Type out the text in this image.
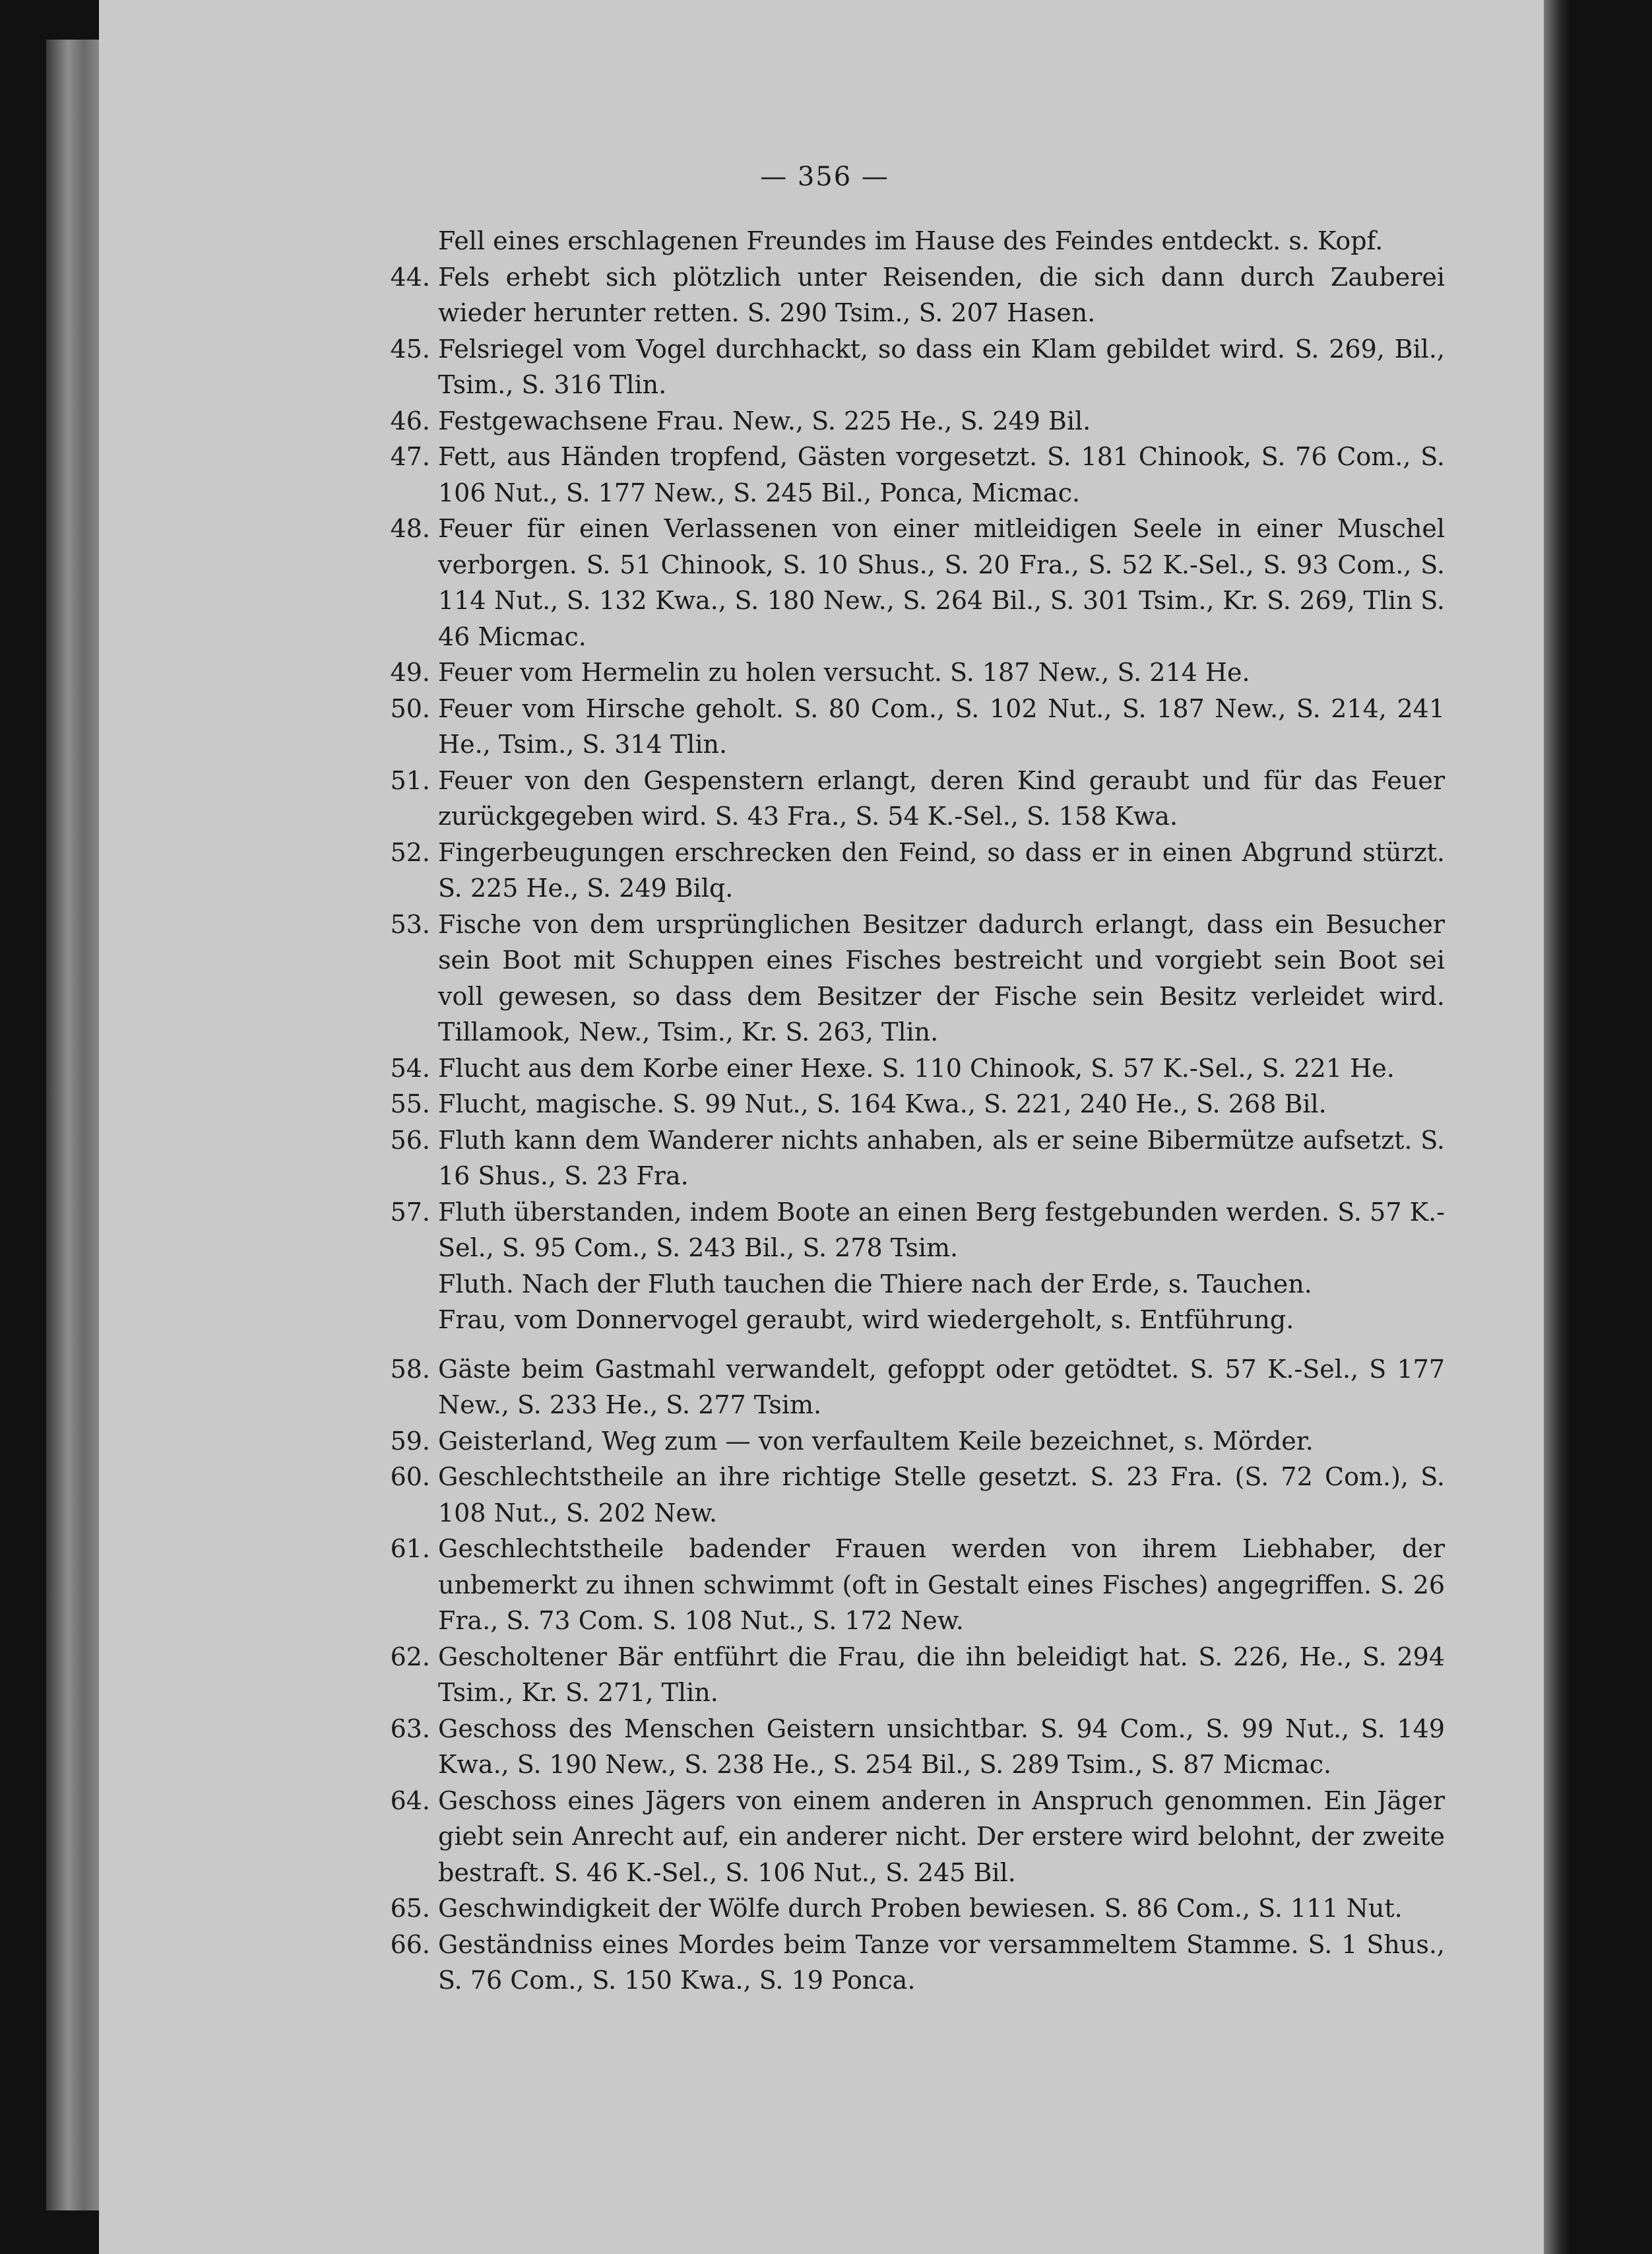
— 356 —
Fell eines erschlagenen Freundes im Hause des Feindes entdeckt. s. Kopf.
44. Fels erhebt sich plötzlich unter Reisenden, die sich dann durch Zauberei wieder herunter retten. S. 290 Tsim., S. 207 Hasen.
45. Felsriegel vom Vogel durchhackt, so dass ein Klam gebildet wird. S. 269, Bil., Tsim., S. 316 Tlin.
46. Festgewachsene Frau. New., S. 225 He., S. 249 Bil.
47. Fett, aus Händen tropfend, Gästen vorgesetzt. S. 181 Chinook, S. 76 Com., S. 106 Nut., S. 177 New., S. 245 Bil., Ponca, Micmac.
48. Feuer für einen Verlassenen von einer mitleidigen Seele in einer Muschel verborgen. S. 51 Chinook, S. 10 Shus., S. 20 Fra., S. 52 K.-Sel., S. 93 Com., S. 114 Nut., S. 132 Kwa., S. 180 New., S. 264 Bil., S. 301 Tsim., Kr. S. 269, Tlin S. 46 Micmac.
49. Feuer vom Hermelin zu holen versucht. S. 187 New., S. 214 He.
50. Feuer vom Hirsche geholt. S. 80 Com., S. 102 Nut., S. 187 New., S. 214, 241 He., Tsim., S. 314 Tlin.
51. Feuer von den Gespenstern erlangt, deren Kind geraubt und für das Feuer zurückgegeben wird. S. 43 Fra., S. 54 K.-Sel., S. 158 Kwa.
52. Fingerbeugungen erschrecken den Feind, so dass er in einen Abgrund stürzt. S. 225 He., S. 249 Bilq.
53. Fische von dem ursprünglichen Besitzer dadurch erlangt, dass ein Besucher sein Boot mit Schuppen eines Fisches bestreicht und vorgiebt sein Boot sei voll gewesen, so dass dem Besitzer der Fische sein Besitz verleidet wird. Tillamook, New., Tsim., Kr. S. 263, Tlin.
54. Flucht aus dem Korbe einer Hexe. S. 110 Chinook, S. 57 K.-Sel., S. 221 He.
55. Flucht, magische. S. 99 Nut., S. 164 Kwa., S. 221, 240 He., S. 268 Bil.
56. Fluth kann dem Wanderer nichts anhaben, als er seine Bibermütze aufsetzt. S. 16 Shus., S. 23 Fra.
57. Fluth überstanden, indem Boote an einen Berg festgebunden werden. S. 57 K.-Sel., S. 95 Com., S. 243 Bil., S. 278 Tsim.
Fluth. Nach der Fluth tauchen die Thiere nach der Erde, s. Tauchen.
Frau, vom Donnervogel geraubt, wird wiedergeholt, s. Entführung.
58. Gäste beim Gastmahl verwandelt, gefoppt oder getödtet. S. 57 K.-Sel., S 177 New., S. 233 He., S. 277 Tsim.
59. Geisterland, Weg zum — von verfaultem Keile bezeichnet, s. Mörder.
60. Geschlechtstheile an ihre richtige Stelle gesetzt. S. 23 Fra. (S. 72 Com.), S. 108 Nut., S. 202 New.
61. Geschlechtstheile badender Frauen werden von ihrem Liebhaber, der unbemerkt zu ihnen schwimmt (oft in Gestalt eines Fisches) angegriffen. S. 26 Fra., S. 73 Com. S. 108 Nut., S. 172 New.
62. Gescholtener Bär entführt die Frau, die ihn beleidigt hat. S. 226, He., S. 294 Tsim., Kr. S. 271, Tlin.
63. Geschoss des Menschen Geistern unsichtbar. S. 94 Com., S. 99 Nut., S. 149 Kwa., S. 190 New., S. 238 He., S. 254 Bil., S. 289 Tsim., S. 87 Micmac.
64. Geschoss eines Jägers von einem anderen in Anspruch genommen. Ein Jäger giebt sein Anrecht auf, ein anderer nicht. Der erstere wird belohnt, der zweite bestraft. S. 46 K.-Sel., S. 106 Nut., S. 245 Bil.
65. Geschwindigkeit der Wölfe durch Proben bewiesen. S. 86 Com., S. 111 Nut.
66. Geständniss eines Mordes beim Tanze vor versammeltem Stamme. S. 1 Shus., S. 76 Com., S. 150 Kwa., S. 19 Ponca.
